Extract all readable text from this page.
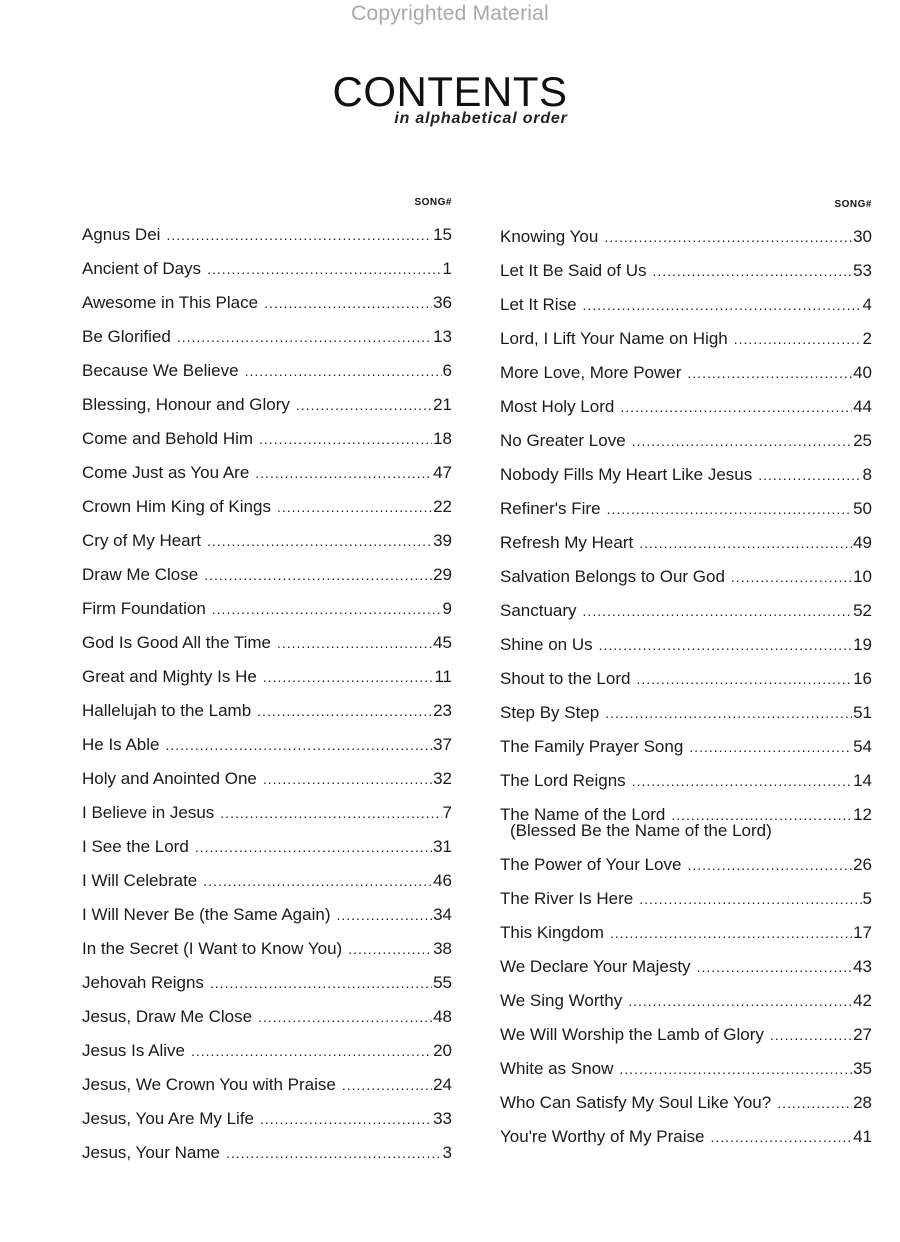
Copyrighted Material
CONTENTS
in alphabetical order
SONG#
Agnus Dei .....	15
Ancient of Days .....	1
Awesome in This Place .....	36
Be Glorified .....	13
Because We Believe .....	6
Blessing, Honour and Glory .....	21
Come and Behold Him .....	18
Come Just as You Are .....	47
Crown Him King of Kings .....	22
Cry of My Heart .....	39
Draw Me Close .....	29
Firm Foundation .....	9
God Is Good All the Time .....	45
Great and Mighty Is He .....	11
Hallelujah to the Lamb .....	23
He Is Able .....	37
Holy and Anointed One .....	32
I Believe in Jesus .....	7
I See the Lord .....	31
I Will Celebrate .....	46
I Will Never Be (the Same Again) .....	34
In the Secret (I Want to Know You) .....	38
Jehovah Reigns .....	55
Jesus, Draw Me Close .....	48
Jesus Is Alive .....	20
Jesus, We Crown You with Praise .....	24
Jesus, You Are My Life .....	33
Jesus, Your Name .....	3
SONG#
Knowing You .....	30
Let It Be Said of Us .....	53
Let It Rise .....	4
Lord, I Lift Your Name on High .....	2
More Love, More Power .....	40
Most Holy Lord .....	44
No Greater Love .....	25
Nobody Fills My Heart Like Jesus .....	8
Refiner's Fire .....	50
Refresh My Heart .....	49
Salvation Belongs to Our God .....	10
Sanctuary .....	52
Shine on Us .....	19
Shout to the Lord .....	16
Step By Step .....	51
The Family Prayer Song .....	54
The Lord Reigns .....	14
The Name of the Lord .....	12
(Blessed Be the Name of the Lord)
The Power of Your Love .....	26
The River Is Here .....	5
This Kingdom .....	17
We Declare Your Majesty .....	43
We Sing Worthy .....	42
We Will Worship the Lamb of Glory .....	27
White as Snow .....	35
Who Can Satisfy My Soul Like You? .....	28
You're Worthy of My Praise .....	41
